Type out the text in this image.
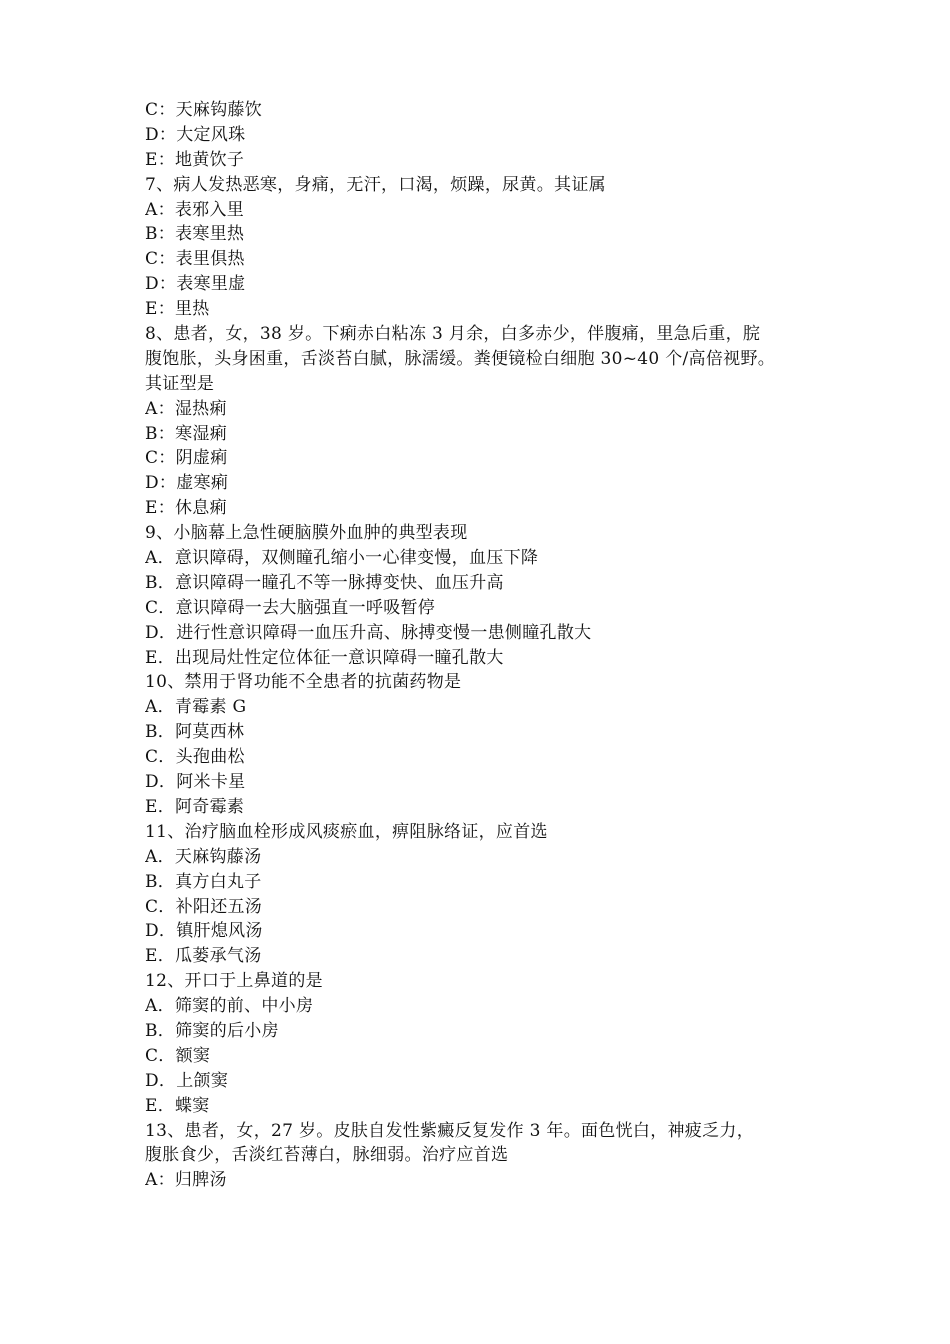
C：天麻钩藤饮
D：大定风珠
E：地黄饮子
7、病人发热恶寒，身痛，无汗，口渴，烦躁，尿黄。其证属
A：表邪入里
B：表寒里热
C：表里俱热
D：表寒里虚
E：里热
8、患者，女，38 岁。下痢赤白粘冻 3 月余，白多赤少，伴腹痛，里急后重，脘
腹饱胀，头身困重，舌淡苔白腻，脉濡缓。粪便镜检白细胞 30~40 个/高倍视野。
其证型是
A：湿热痢
B：寒湿痢
C：阴虚痢
D：虚寒痢
E：休息痢
9、小脑幕上急性硬脑膜外血肿的典型表现
A．意识障碍，双侧瞳孔缩小一心律变慢，血压下降
B．意识障碍一瞳孔不等一脉搏变快、血压升高
C．意识障碍一去大脑强直一呼吸暂停
D．进行性意识障碍一血压升高、脉搏变慢一患侧瞳孔散大
E．出现局灶性定位体征一意识障碍一瞳孔散大
10、禁用于肾功能不全患者的抗菌药物是
A．青霉素 G
B．阿莫西林
C．头孢曲松
D．阿米卡星
E．阿奇霉素
11、治疗脑血栓形成风痰瘀血，痹阻脉络证，应首选
A．天麻钩藤汤
B．真方白丸子
C．补阳还五汤
D．镇肝熄风汤
E．瓜蒌承气汤
12、开口于上鼻道的是
A．筛窦的前、中小房
B．筛窦的后小房
C．额窦
D．上颌窦
E．蝶窦
13、患者，女，27 岁。皮肤自发性紫癜反复发作 3 年。面色恍白，神疲乏力，
腹胀食少，舌淡红苔薄白，脉细弱。治疗应首选
A：归脾汤
